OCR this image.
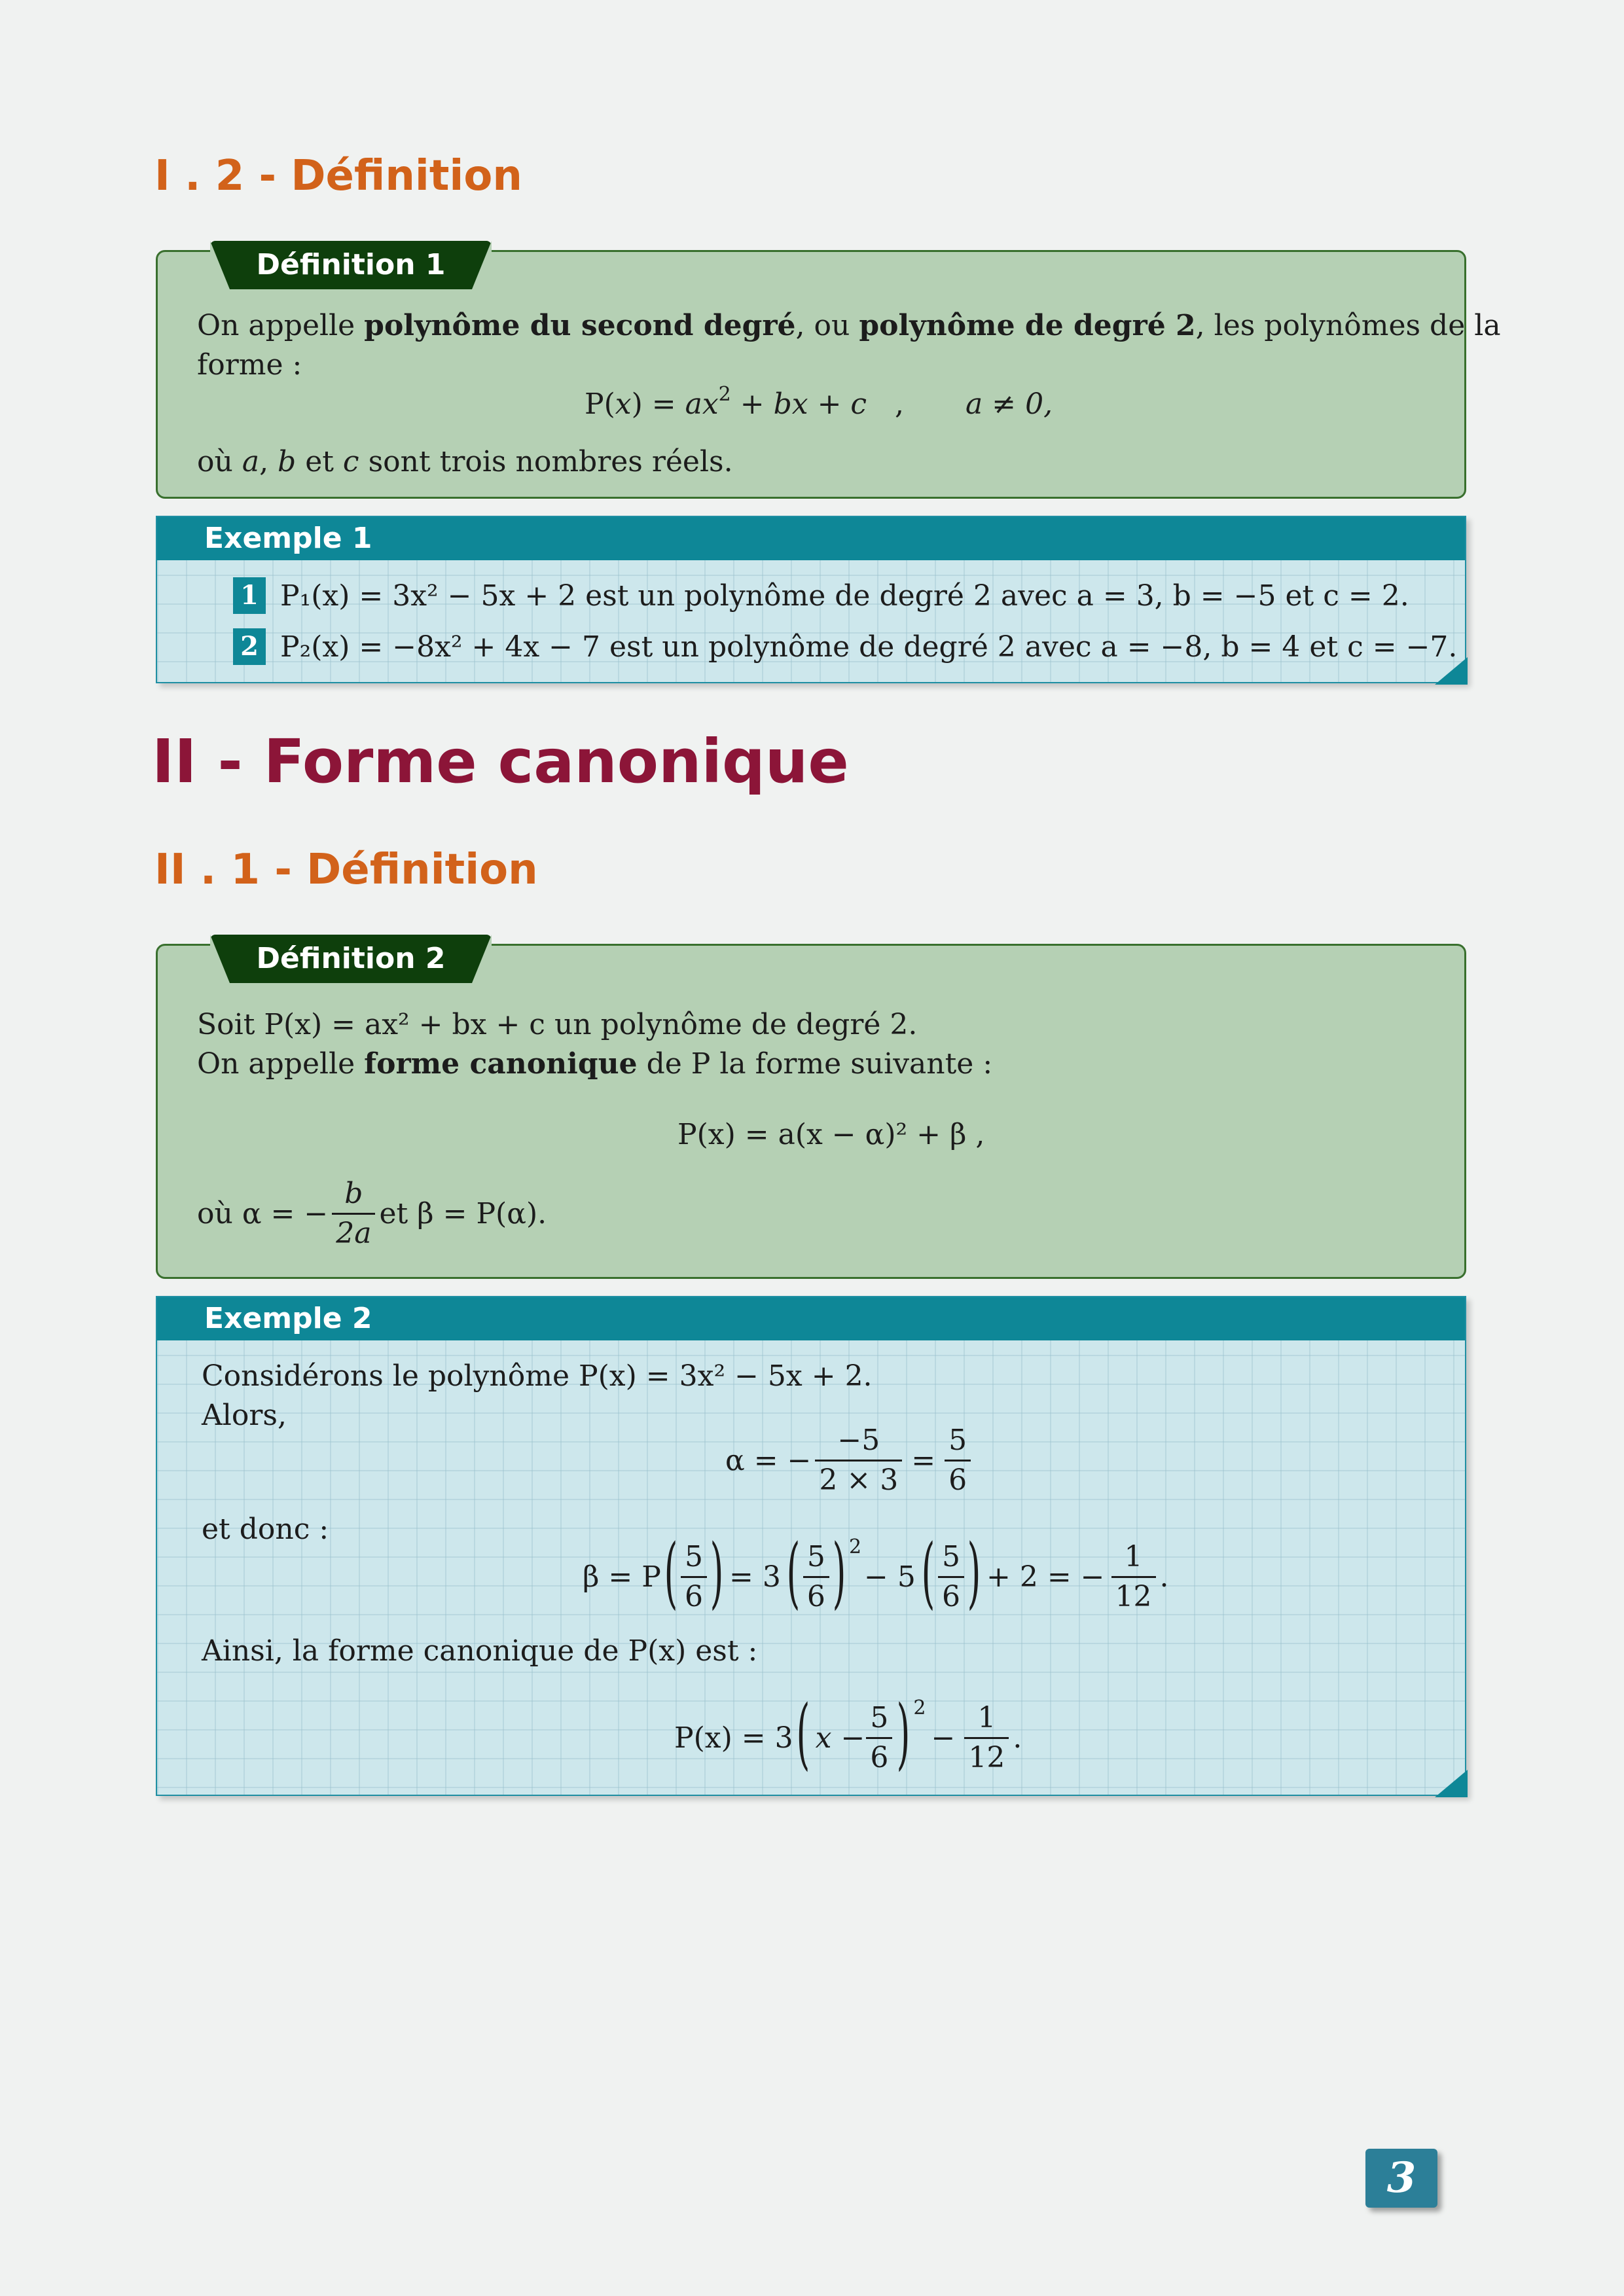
I . 2 - Définition
Définition 1
On appelle polynôme du second degré, ou polynôme de degré 2, les polynômes de la
forme :
$P(x) = ax^2$ + bx + c , a ≠ 0,
où a, b et c sont trois nombres réels.
Exemple 1
1 P₁(x) = 3x² − 5x + 2 est un polynôme de degré 2 avec a = 3, b = −5 et c = 2.
2 P₂(x) = −8x² + 4x − 7 est un polynôme de degré 2 avec a = −8, b = 4 et c = −7.
II - Forme canonique
II . 1 - Définition
Définition 2
Soit P(x) = ax² + bx + c un polynôme de degré 2.
On appelle forme canonique de P la forme suivante :
P(x) = a(x − α)² + β ,
où α = − $\frac{b}{2a}$ et β = P(α).
Exemple 2
Considérons le polynôme P(x) = 3x² − 5x + 2.
Alors,
α = − $\frac{-5}{2 \times 3} = \frac{5}{6}$
et donc :
β = P ( $\frac{5}{6}$ ) = 3 ( $\frac{5}{6}$ ) 2
− 5 ( $\frac{5}{6}$ ) + 2 = − $\frac{1}{12}$ .
Ainsi, la forme canonique de P(x) est :
P(x) = 3 ( $x - \frac{5}{6}$ ) 2
− $\frac{1}{12}$ .
3
